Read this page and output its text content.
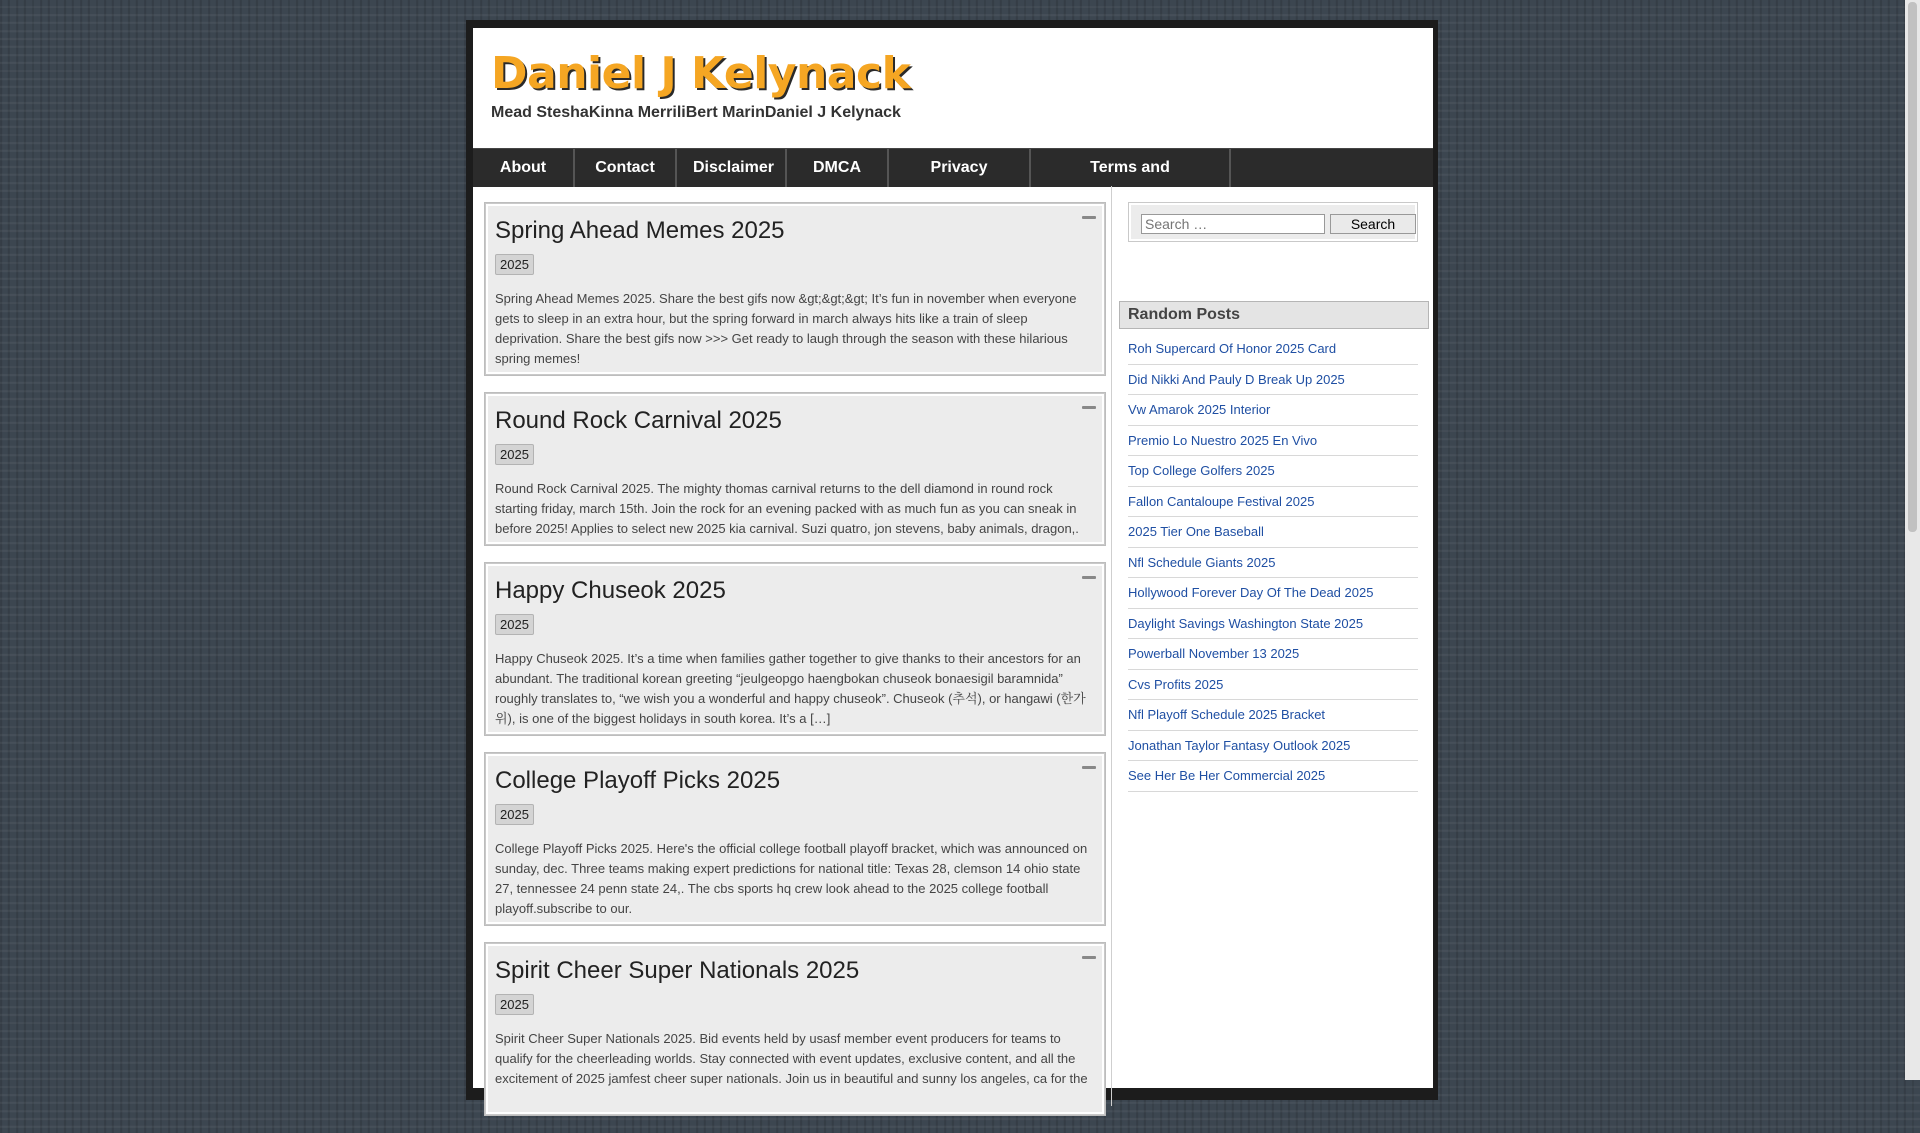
Daniel J Kelynack
Mead SteshaKinna MerriliBert MarinDaniel J Kelynack
About	Contact	Disclaimer	DMCA	Privacy	Terms and
Spring Ahead Memes 2025
2025
Spring Ahead Memes 2025. Share the best gifs now &gt;&gt;&gt; It’s fun in november when everyone gets to sleep in an extra hour, but the spring forward in march always hits like a train of sleep deprivation. Share the best gifs now >>> Get ready to laugh through the season with these hilarious spring memes!
Round Rock Carnival 2025
2025
Round Rock Carnival 2025. The mighty thomas carnival returns to the dell diamond in round rock starting friday, march 15th. Join the rock for an evening packed with as much fun as you can sneak in before 2025! Applies to select new 2025 kia carnival. Suzi quatro, jon stevens, baby animals, dragon,.
Happy Chuseok 2025
2025
Happy Chuseok 2025. It’s a time when families gather together to give thanks to their ancestors for an abundant. The traditional korean greeting “jeulgeopgo haengbokan chuseok bonaesigil baramnida” roughly translates to, “we wish you a wonderful and happy chuseok”. Chuseok (추석), or hangawi (한가위), is one of the biggest holidays in south korea. It’s a […]
College Playoff Picks 2025
2025
College Playoff Picks 2025. Here's the official college football playoff bracket, which was announced on sunday, dec. Three teams making expert predictions for national title: Texas 28, clemson 14 ohio state 27, tennessee 24 penn state 24,. The cbs sports hq crew look ahead to the 2025 college football playoff.subscribe to our.
Spirit Cheer Super Nationals 2025
2025
Spirit Cheer Super Nationals 2025. Bid events held by usasf member event producers for teams to qualify for the cheerleading worlds. Stay connected with event updates, exclusive content, and all the excitement of 2025 jamfest cheer super nationals. Join us in beautiful and sunny los angeles, ca for the
Search …
Search
Random Posts
Roh Supercard Of Honor 2025 Card
Did Nikki And Pauly D Break Up 2025
Vw Amarok 2025 Interior
Premio Lo Nuestro 2025 En Vivo
Top College Golfers 2025
Fallon Cantaloupe Festival 2025
2025 Tier One Baseball
Nfl Schedule Giants 2025
Hollywood Forever Day Of The Dead 2025
Daylight Savings Washington State 2025
Powerball November 13 2025
Cvs Profits 2025
Nfl Playoff Schedule 2025 Bracket
Jonathan Taylor Fantasy Outlook 2025
See Her Be Her Commercial 2025
